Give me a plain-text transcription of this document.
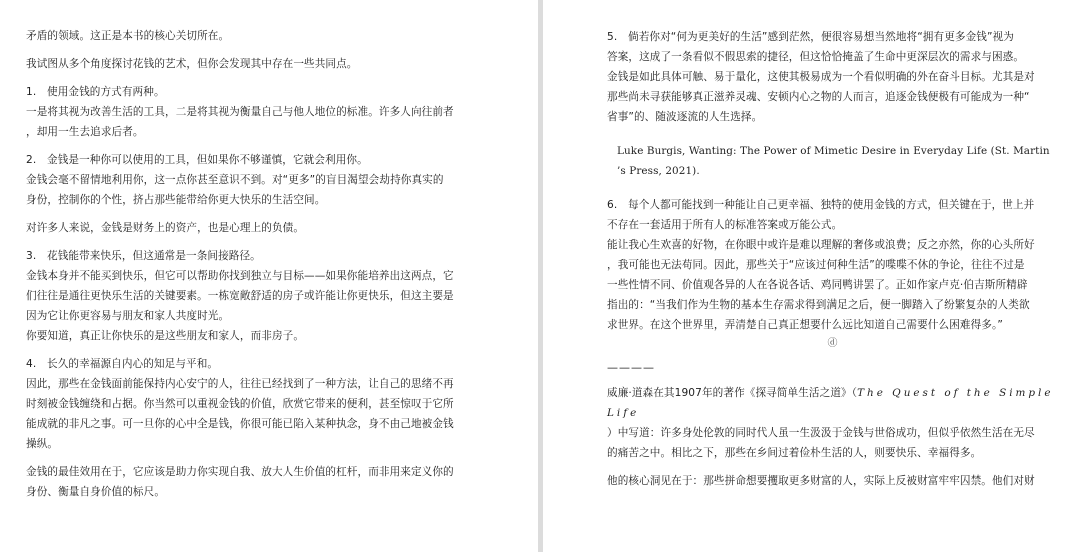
矛盾的领域。这正是本书的核心关切所在。

我试图从多个角度探讨花钱的艺术，但你会发现其中存在一些共同点。

1.　使用金钱的方式有两种。

一是将其视为改善生活的工具，二是将其视为衡量自己与他人地位的标准。许多人向往前者

，却用一生去追求后者。

2.　金钱是一种你可以使用的工具，但如果你不够谨慎，它就会利用你。

金钱会毫不留情地利用你，这一点你甚至意识不到。对“更多”的盲目渴望会劫持你真实的

身份，控制你的个性，挤占那些能带给你更大快乐的生活空间。

对许多人来说，金钱是财务上的资产，也是心理上的负债。

3.　花钱能带来快乐，但这通常是一条间接路径。

金钱本身并不能买到快乐，但它可以帮助你找到独立与目标——如果你能培养出这两点，它

们往往是通往更快乐生活的关键要素。一栋宽敞舒适的房子或许能让你更快乐，但这主要是

因为它让你更容易与朋友和家人共度时光。

你要知道，真正让你快乐的是这些朋友和家人，而非房子。

4.　长久的幸福源自内心的知足与平和。

因此，那些在金钱面前能保持内心安宁的人，往往已经找到了一种方法，让自己的思绪不再

时刻被金钱缠绕和占据。你当然可以重视金钱的价值，欣赏它带来的便利，甚至惊叹于它所

能成就的非凡之事。可一旦你的心中全是钱，你很可能已陷入某种执念，身不由己地被金钱

操纵。

金钱的最佳效用在于，它应该是助力你实现自我、放大人生价值的杠杆，而非用来定义你的

身份、衡量自身价值的标尺。

5.　倘若你对“何为更美好的生活”感到茫然，便很容易想当然地将“拥有更多金钱”视为

答案，这成了一条看似不假思索的捷径，但这恰恰掩盖了生命中更深层次的需求与困惑。

金钱是如此具体可触、易于量化，这使其极易成为一个看似明确的外在奋斗目标。尤其是对

那些尚未寻获能够真正滋养灵魂、安顿内心之物的人而言，追逐金钱便极有可能成为一种“

省事”的、随波逐流的人生选择。

Luke Burgis, Wanting: The Power of Mimetic Desire in Everyday Life (St. Martin

’s Press, 2021).

6.　每个人都可能找到一种能让自己更幸福、独特的使用金钱的方式，但关键在于，世上并

不存在一套适用于所有人的标准答案或万能公式。

能让我心生欢喜的好物，在你眼中或许是难以理解的奢侈或浪费；反之亦然，你的心头所好

，我可能也无法苟同。因此，那些关于“应该过何种生活”的喋喋不休的争论，往往不过是

一些性情不同、价值观各异的人在各说各话、鸡同鸭讲罢了。正如作家卢克·伯吉斯所精辟

指出的：“当我们作为生物的基本生存需求得到满足之后，便一脚踏入了纷繁复杂的人类欲

求世界。在这个世界里，弄清楚自己真正想要什么远比知道自己需要什么困难得多。”

ⓓ

————

威廉·道森在其1907年的著作《探寻简单生活之道》（The Quest of the Simple Life

）中写道：许多身处伦敦的同时代人虽一生汲汲于金钱与世俗成功，但似乎依然生活在无尽

的痛苦之中。相比之下，那些在乡间过着俭朴生活的人，则要快乐、幸福得多。

他的核心洞见在于：那些拼命想要攫取更多财富的人，实际上反被财富牢牢囚禁。他们对财
